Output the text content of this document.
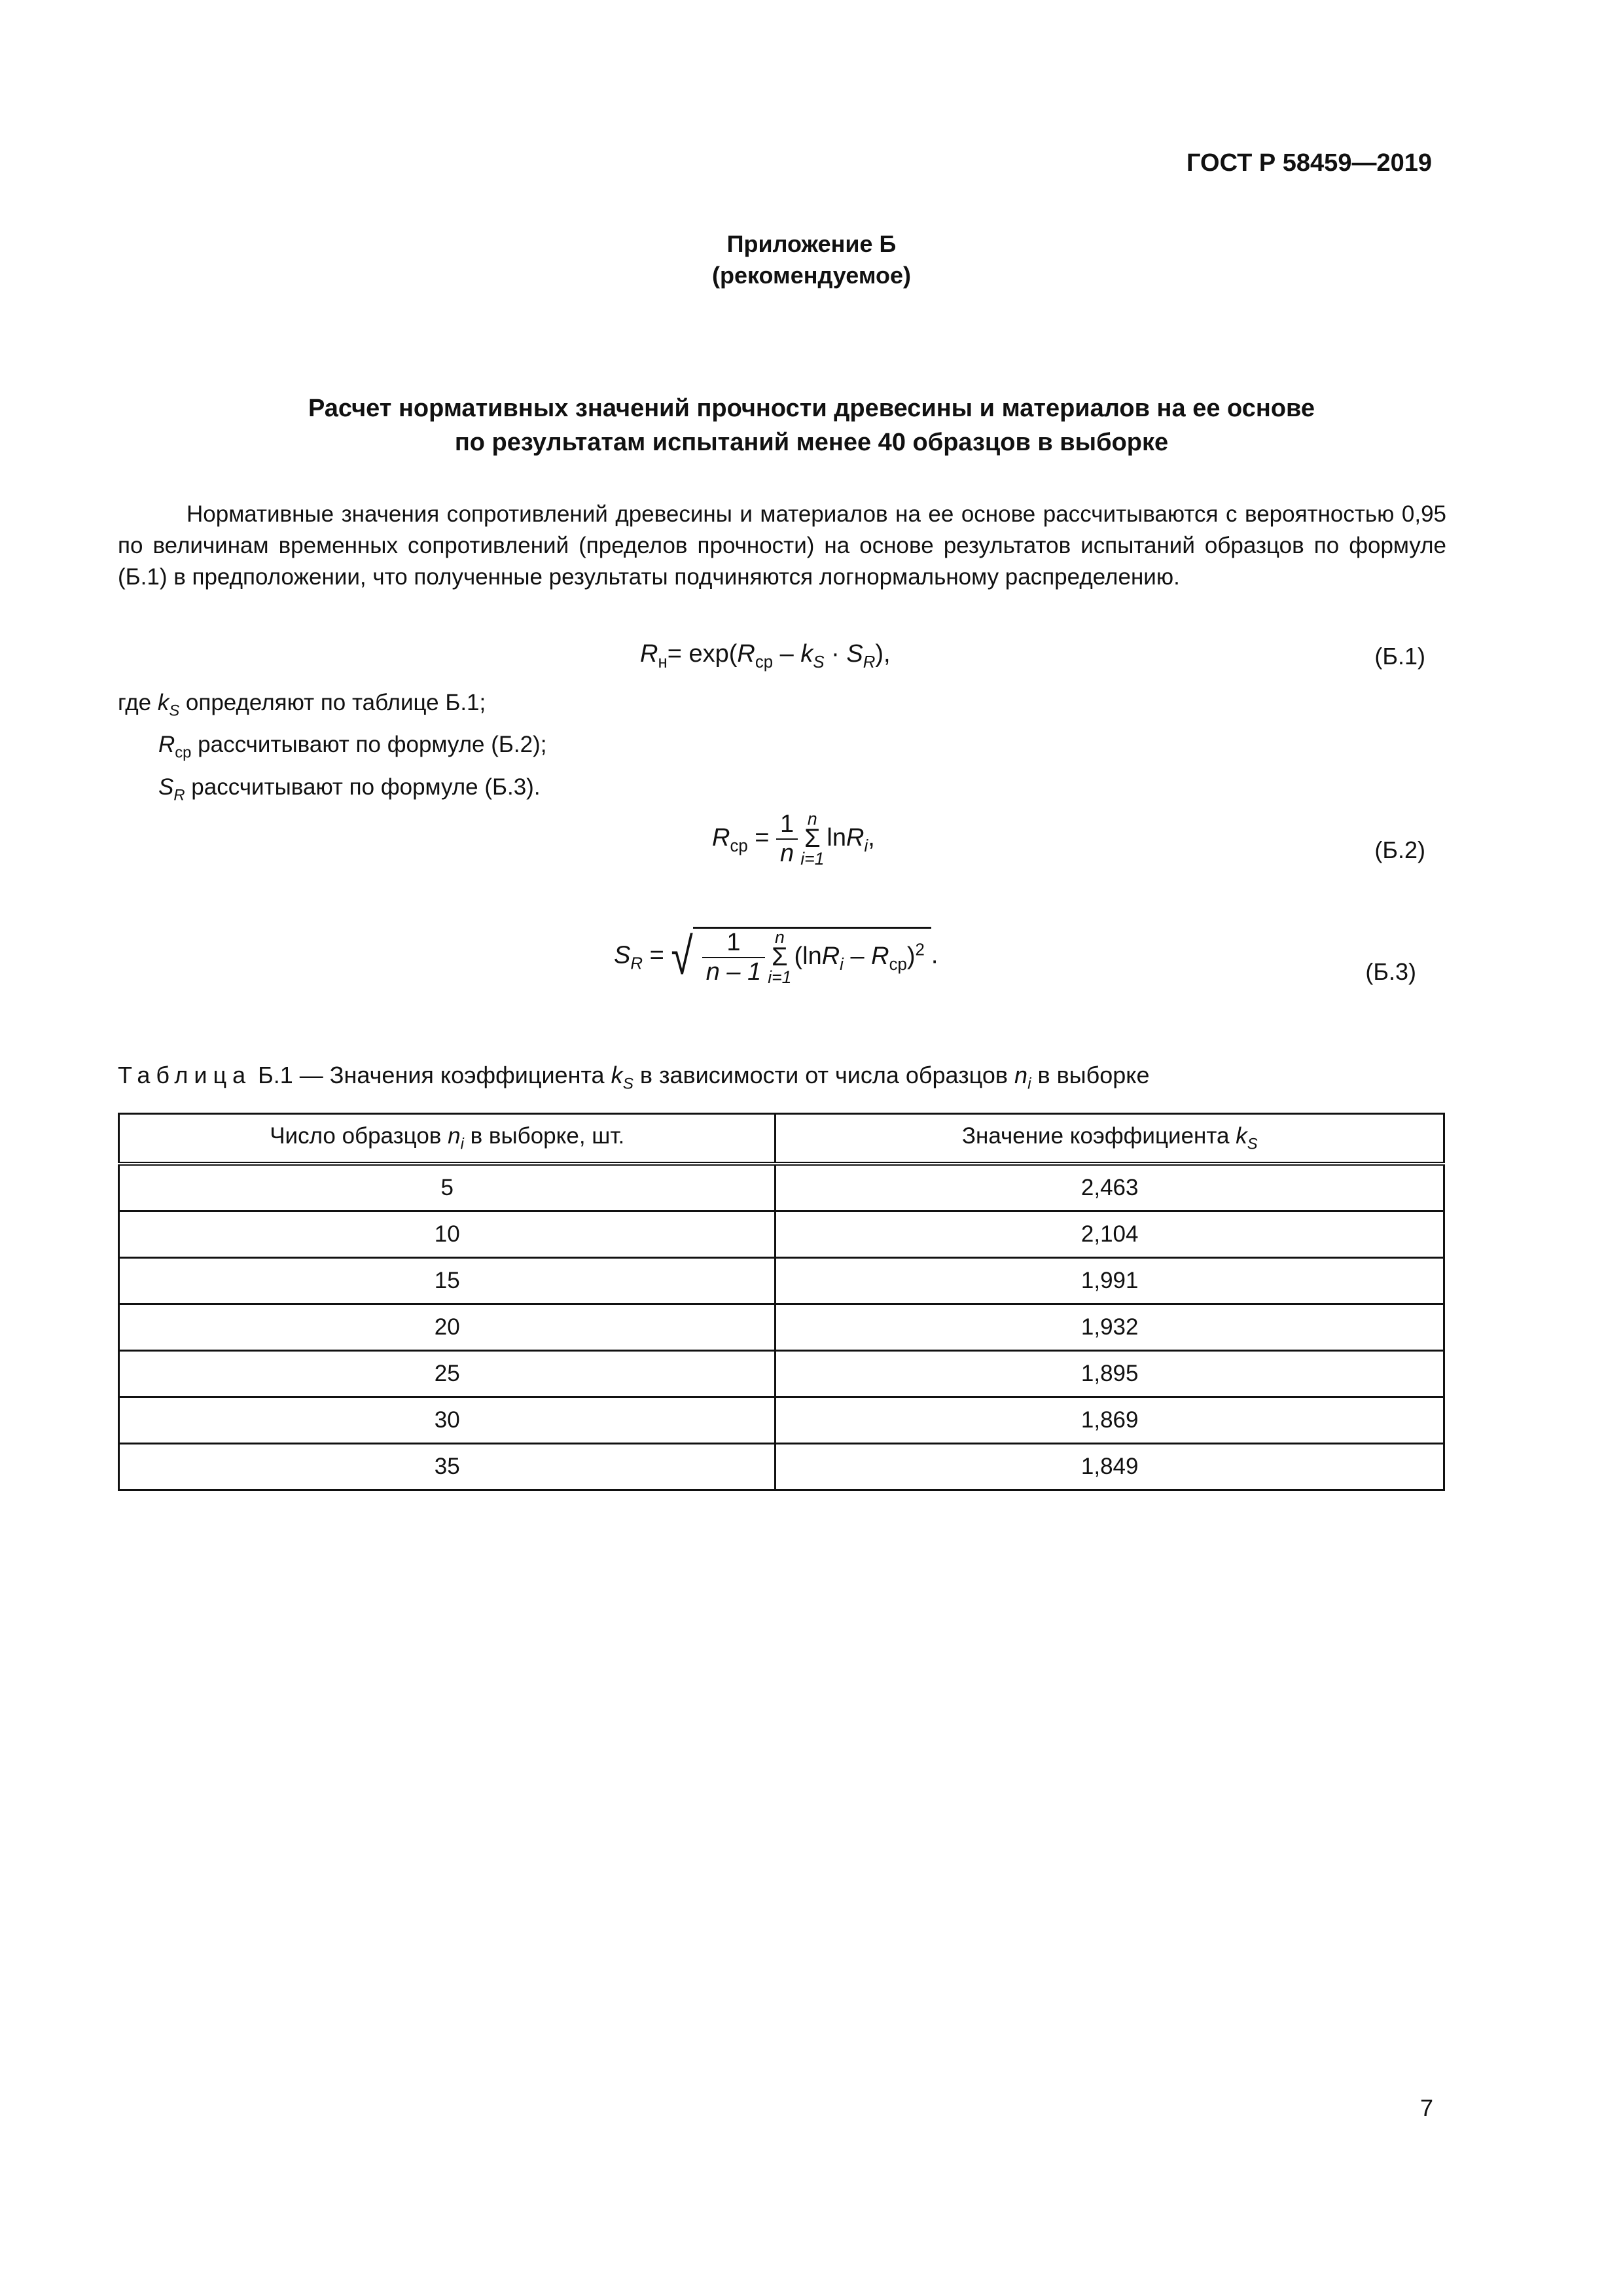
ГОСТ Р 58459—2019
Приложение Б
(рекомендуемое)
Расчет нормативных значений прочности древесины и материалов на ее основе
по результатам испытаний менее 40 образцов в выборке
Нормативные значения сопротивлений древесины и материалов на ее основе рассчитываются с вероятностью 0,95 по величинам временных сопротивлений (пределов прочности) на основе результатов испытаний образцов по формуле (Б.1) в предположении, что полученные результаты подчиняются логнормальному распределению.
$R_н= \exp(R_{ср} - k_S \cdot S_R)$,	(Б.1)
где $k_S$ определяют по таблице Б.1;
$R_{ср}$ рассчитывают по формуле (Б.2);
$S_R$ рассчитывают по формуле (Б.3).
$R_{ср} = \frac{1}{n}$ n
Σ
i=1lnR$_i$,	(Б.2)
$S_R$ = √ $\frac{1}{n - 1}$ n
Σ
$i=1(\ln R_i - R_{ср})^2$ .
(Б.3)
Таблица Б.1 — Значения коэффициента $k_S$ в зависимости от числа образцов $n_i$ в выборке
Число образцов $n_i$ в выборке, шт.	Значение коэффициента $k_S$
5	2,463
10	2,104
15	1,991
20	1,932
25	1,895
30	1,869
35	1,849
7
